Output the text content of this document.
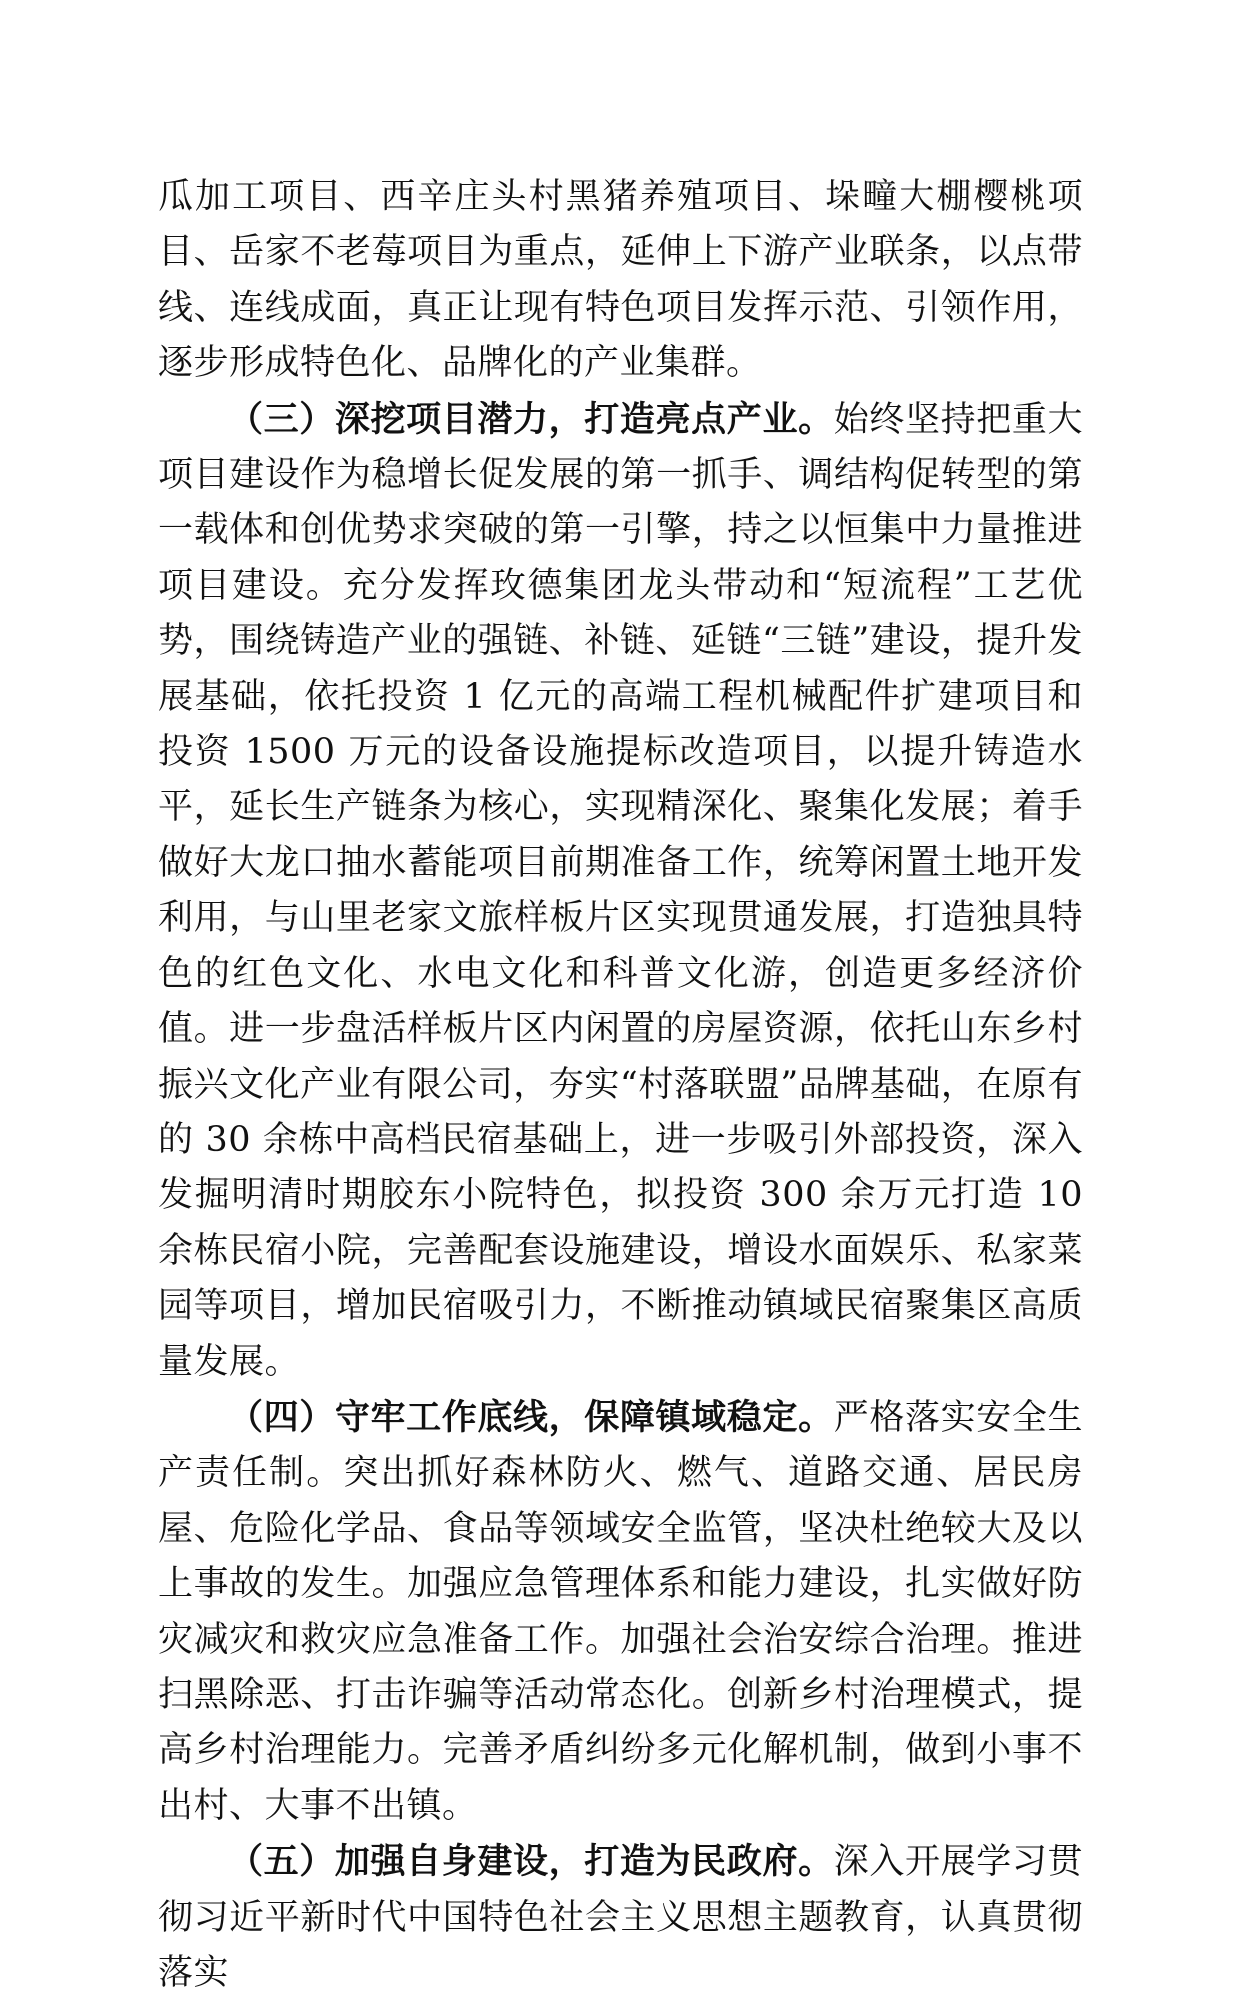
瓜加工项目、西辛庄头村黑猪养殖项目、垛疃大棚樱桃项目、岳家不老莓项目为重点，延伸上下游产业联条，以点带线、连线成面，真正让现有特色项目发挥示范、引领作用，逐步形成特色化、品牌化的产业集群。

（三）深挖项目潜力，打造亮点产业。始终坚持把重大项目建设作为稳增长促发展的第一抓手、调结构促转型的第一载体和创优势求突破的第一引擎，持之以恒集中力量推进项目建设。充分发挥玫德集团龙头带动和“短流程”工艺优势，围绕铸造产业的强链、补链、延链“三链”建设，提升发展基础，依托投资 1 亿元的高端工程机械配件扩建项目和投资 1500 万元的设备设施提标改造项目，以提升铸造水平，延长生产链条为核心，实现精深化、聚集化发展；着手做好大龙口抽水蓄能项目前期准备工作，统筹闲置土地开发利用，与山里老家文旅样板片区实现贯通发展，打造独具特色的红色文化、水电文化和科普文化游，创造更多经济价值。进一步盘活样板片区内闲置的房屋资源，依托山东乡村振兴文化产业有限公司，夯实“村落联盟”品牌基础，在原有的 30 余栋中高档民宿基础上，进一步吸引外部投资，深入发掘明清时期胶东小院特色，拟投资 300 余万元打造 10 余栋民宿小院，完善配套设施建设，增设水面娱乐、私家菜园等项目，增加民宿吸引力，不断推动镇域民宿聚集区高质量发展。

（四）守牢工作底线，保障镇域稳定。严格落实安全生产责任制。突出抓好森林防火、燃气、道路交通、居民房屋、危险化学品、食品等领域安全监管，坚决杜绝较大及以上事故的发生。加强应急管理体系和能力建设，扎实做好防灾减灾和救灾应急准备工作。加强社会治安综合治理。推进扫黑除恶、打击诈骗等活动常态化。创新乡村治理模式，提高乡村治理能力。完善矛盾纠纷多元化解机制，做到小事不出村、大事不出镇。

（五）加强自身建设，打造为民政府。深入开展学习贯彻习近平新时代中国特色社会主义思想主题教育，认真贯彻落实
